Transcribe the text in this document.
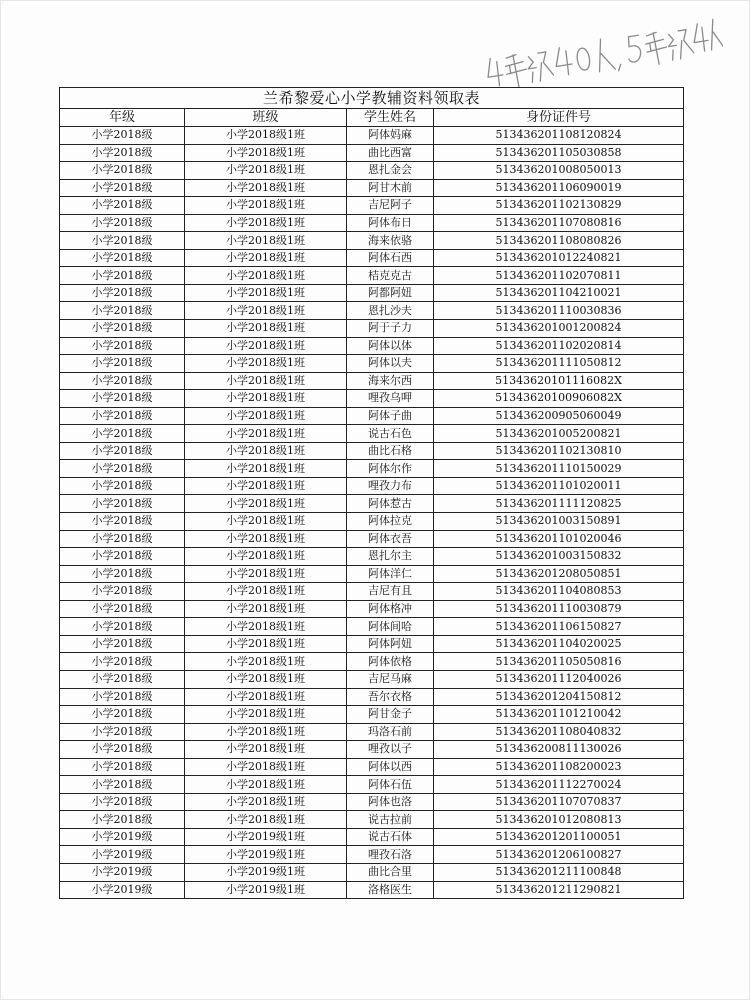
兰希黎爱心小学教辅资料领取表			
年级	班级	学生姓名	身份证件号
小学2018级	小学2018级1班	阿体妈麻	513436201108120824
小学2018级	小学2018级1班	曲比西富	513436201105030858
小学2018级	小学2018级1班	恩扎金会	513436201008050013
小学2018级	小学2018级1班	阿甘木前	513436201106090019
小学2018级	小学2018级1班	吉尼阿子	513436201102130829
小学2018级	小学2018级1班	阿体布日	513436201107080816
小学2018级	小学2018级1班	海来依骆	513436201108080826
小学2018级	小学2018级1班	阿体石西	513436201012240821
小学2018级	小学2018级1班	桔克克古	513436201102070811
小学2018级	小学2018级1班	阿都阿妞	513436201104210021
小学2018级	小学2018级1班	恩扎沙夫	513436201110030836
小学2018级	小学2018级1班	阿于子力	513436201001200824
小学2018级	小学2018级1班	阿体以体	513436201102020814
小学2018级	小学2018级1班	阿体以夫	513436201111050812
小学2018级	小学2018级1班	海来尔西	51343620101116082X
小学2018级	小学2018级1班	哩孜乌呷	51343620100906082X
小学2018级	小学2018级1班	阿体子曲	513436200905060049
小学2018级	小学2018级1班	说古石色	513436201005200821
小学2018级	小学2018级1班	曲比石格	513436201102130810
小学2018级	小学2018级1班	阿体尔作	513436201110150029
小学2018级	小学2018级1班	哩孜力布	513436201101020011
小学2018级	小学2018级1班	阿体惹古	513436201111120825
小学2018级	小学2018级1班	阿体拉克	513436201003150891
小学2018级	小学2018级1班	阿体衣吾	513436201101020046
小学2018级	小学2018级1班	恩扎尔主	513436201003150832
小学2018级	小学2018级1班	阿体洋仁	513436201208050851
小学2018级	小学2018级1班	吉尼有且	513436201104080853
小学2018级	小学2018级1班	阿体格冲	513436201110030879
小学2018级	小学2018级1班	阿体间哈	513436201106150827
小学2018级	小学2018级1班	阿体阿妞	513436201104020025
小学2018级	小学2018级1班	阿体依格	513436201105050816
小学2018级	小学2018级1班	吉尼马麻	513436201112040026
小学2018级	小学2018级1班	吾尔衣格	513436201204150812
小学2018级	小学2018级1班	阿甘金子	513436201101210042
小学2018级	小学2018级1班	玛洛石前	513436201108040832
小学2018级	小学2018级1班	哩孜以子	513436200811130026
小学2018级	小学2018级1班	阿体以西	513436201108200023
小学2018级	小学2018级1班	阿体石伍	513436201112270024
小学2018级	小学2018级1班	阿体也洛	513436201107070837
小学2018级	小学2018级1班	说古拉前	513436201012080813
小学2019级	小学2019级1班	说古石体	513436201201100051
小学2019级	小学2019级1班	哩孜石洛	513436201206100827
小学2019级	小学2019级1班	曲比合里	513436201211100848
小学2019级	小学2019级1班	洛格医生	513436201211290821
